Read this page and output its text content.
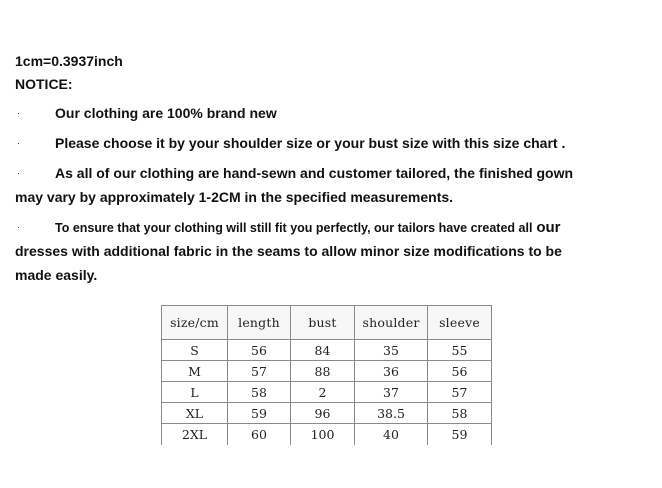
1cm=0.3937inch
NOTICE:
·	Our clothing are 100% brand new
·	Please choose it by your shoulder size or your bust size with this size chart .
·	As all of our clothing are hand-sewn and customer tailored, the finished gown
may vary by approximately 1-2CM in the specified measurements.
·	To ensure that your clothing will still fit you perfectly, our tailors have created all our
dresses with additional fabric in the seams to allow minor size modifications to be
made easily.
size/cm	length	bust	shoulder	sleeve
S	56	84	35	55
M	57	88	36	56
L	58	2	37	57
XL	59	96	38.5	58
2XL	60	100	40	59
